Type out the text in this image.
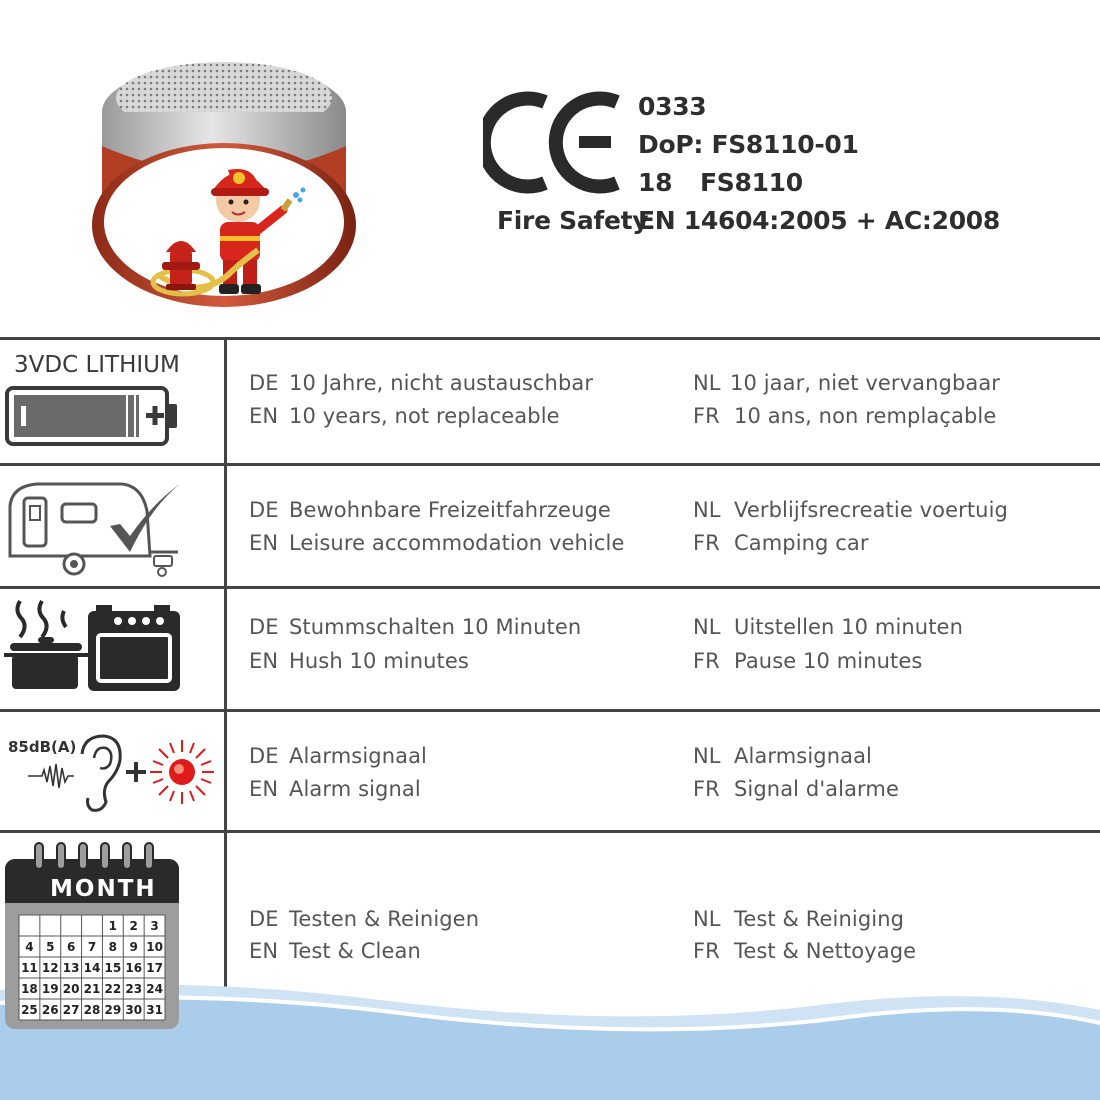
Fire Safety
0333
DoP: FS8110-01
18 FS8110
EN 14604:2005 + AC:2008
3VDC LITHIUM
DE 10 Jahre, nicht austauschbar
EN 10 years, not replaceable
NL 10 jaar, niet vervangbaar
FR 10 ans, non remplaçable
DE Bewohnbare Freizeitfahrzeuge
EN Leisure accommodation vehicle
NL Verblijfsrecreatie voertuig
FR Camping car
DE Stummschalten 10 Minuten
EN Hush 10 minutes
NL Uitstellen 10 minuten
FR Pause 10 minutes
85dB(A)	DE Alarmsignaal
EN Alarm signal
NL Alarmsignaal
FR Signal d'alarme
1 2 3
4 5 6 7 8 9 10
11 12 13 14 15 16 17
18 19 20 21 22 23 24
25 26 27 28 29 30 31
MONTH
DE Testen & Reinigen
EN Test & Clean
NL Test & Reiniging
FR Test & Nettoyage
